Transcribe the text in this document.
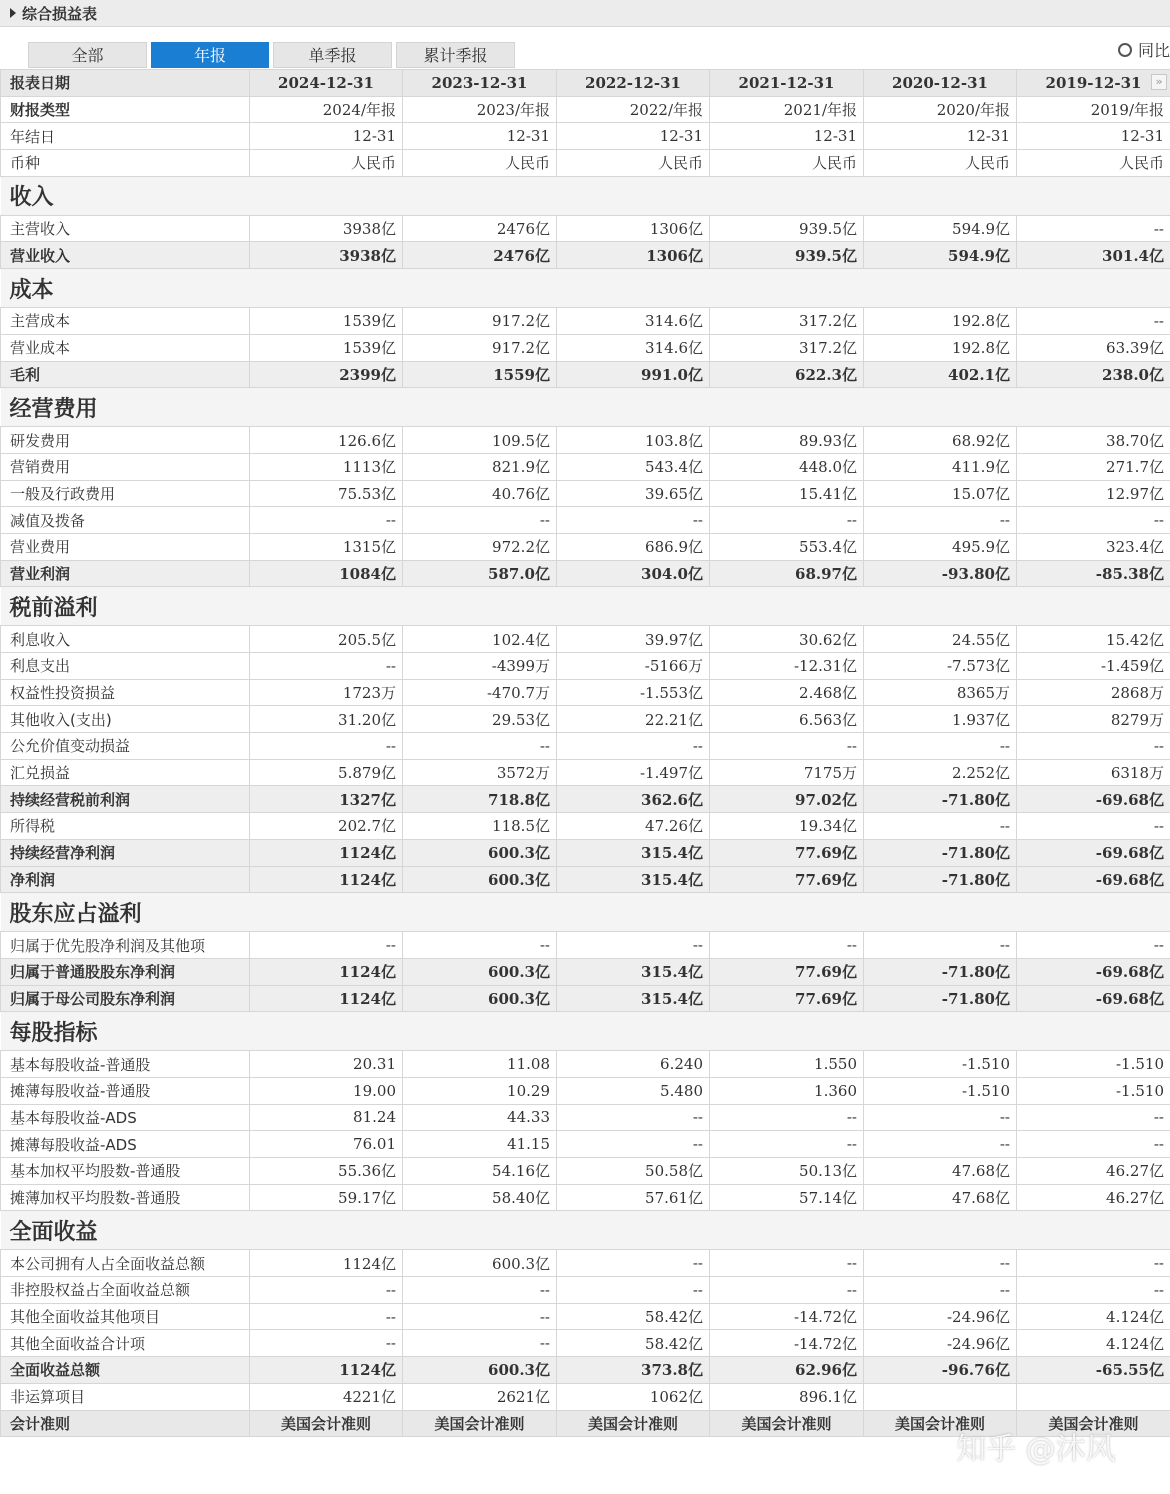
综合损益表
全部	年报	单季报	累计季报	同比
报表日期	2024-12-31	2023-12-31	2022-12-31	2021-12-31	2020-12-31	2019-12-31 »

财报类型	2024/年报	2023/年报	2022/年报	2021/年报	2020/年报	2019/年报
年结日	12-31	12-31	12-31	12-31	12-31	12-31
币种	人民币	人民币	人民币	人民币	人民币	人民币
收入						
主营收入	3938亿	2476亿	1306亿	939.5亿	594.9亿	--
营业收入	3938亿	2476亿	1306亿	939.5亿	594.9亿	301.4亿
成本						
主营成本	1539亿	917.2亿	314.6亿	317.2亿	192.8亿	--
营业成本	1539亿	917.2亿	314.6亿	317.2亿	192.8亿	63.39亿
毛利	2399亿	1559亿	991.0亿	622.3亿	402.1亿	238.0亿
经营费用						
研发费用	126.6亿	109.5亿	103.8亿	89.93亿	68.92亿	38.70亿
营销费用	1113亿	821.9亿	543.4亿	448.0亿	411.9亿	271.7亿
一般及行政费用	75.53亿	40.76亿	39.65亿	15.41亿	15.07亿	12.97亿
减值及拨备	--	--	--	--	--	--
营业费用	1315亿	972.2亿	686.9亿	553.4亿	495.9亿	323.4亿
营业利润	1084亿	587.0亿	304.0亿	68.97亿	-93.80亿	-85.38亿
税前溢利						
利息收入	205.5亿	102.4亿	39.97亿	30.62亿	24.55亿	15.42亿
利息支出	--	-4399万	-5166万	-12.31亿	-7.573亿	-1.459亿
权益性投资损益	1723万	-470.7万	-1.553亿	2.468亿	8365万	2868万
其他收入(支出)	31.20亿	29.53亿	22.21亿	6.563亿	1.937亿	8279万
公允价值变动损益	--	--	--	--	--	--
汇兑损益	5.879亿	3572万	-1.497亿	7175万	2.252亿	6318万
持续经营税前利润	1327亿	718.8亿	362.6亿	97.02亿	-71.80亿	-69.68亿
所得税	202.7亿	118.5亿	47.26亿	19.34亿	--	--
持续经营净利润	1124亿	600.3亿	315.4亿	77.69亿	-71.80亿	-69.68亿
净利润	1124亿	600.3亿	315.4亿	77.69亿	-71.80亿	-69.68亿
股东应占溢利						
归属于优先股净利润及其他项	--	--	--	--	--	--
归属于普通股股东净利润	1124亿	600.3亿	315.4亿	77.69亿	-71.80亿	-69.68亿
归属于母公司股东净利润	1124亿	600.3亿	315.4亿	77.69亿	-71.80亿	-69.68亿
每股指标						
基本每股收益-普通股	20.31	11.08	6.240	1.550	-1.510	-1.510
摊薄每股收益-普通股	19.00	10.29	5.480	1.360	-1.510	-1.510
基本每股收益-ADS	81.24	44.33	--	--	--	--
摊薄每股收益-ADS	76.01	41.15	--	--	--	--
基本加权平均股数-普通股	55.36亿	54.16亿	50.58亿	50.13亿	47.68亿	46.27亿
摊薄加权平均股数-普通股	59.17亿	58.40亿	57.61亿	57.14亿	47.68亿	46.27亿
全面收益						
本公司拥有人占全面收益总额	1124亿	600.3亿	--	--	--	--
非控股权益占全面收益总额	--	--	--	--	--	--
其他全面收益其他项目	--	--	58.42亿	-14.72亿	-24.96亿	4.124亿
其他全面收益合计项	--	--	58.42亿	-14.72亿	-24.96亿	4.124亿
全面收益总额	1124亿	600.3亿	373.8亿	62.96亿	-96.76亿	-65.55亿
非运算项目	4221亿	2621亿	1062亿	896.1亿		
会计准则	美国会计准则	美国会计准则	美国会计准则	美国会计准则	美国会计准则	美国会计准则
知乎 @沐风
